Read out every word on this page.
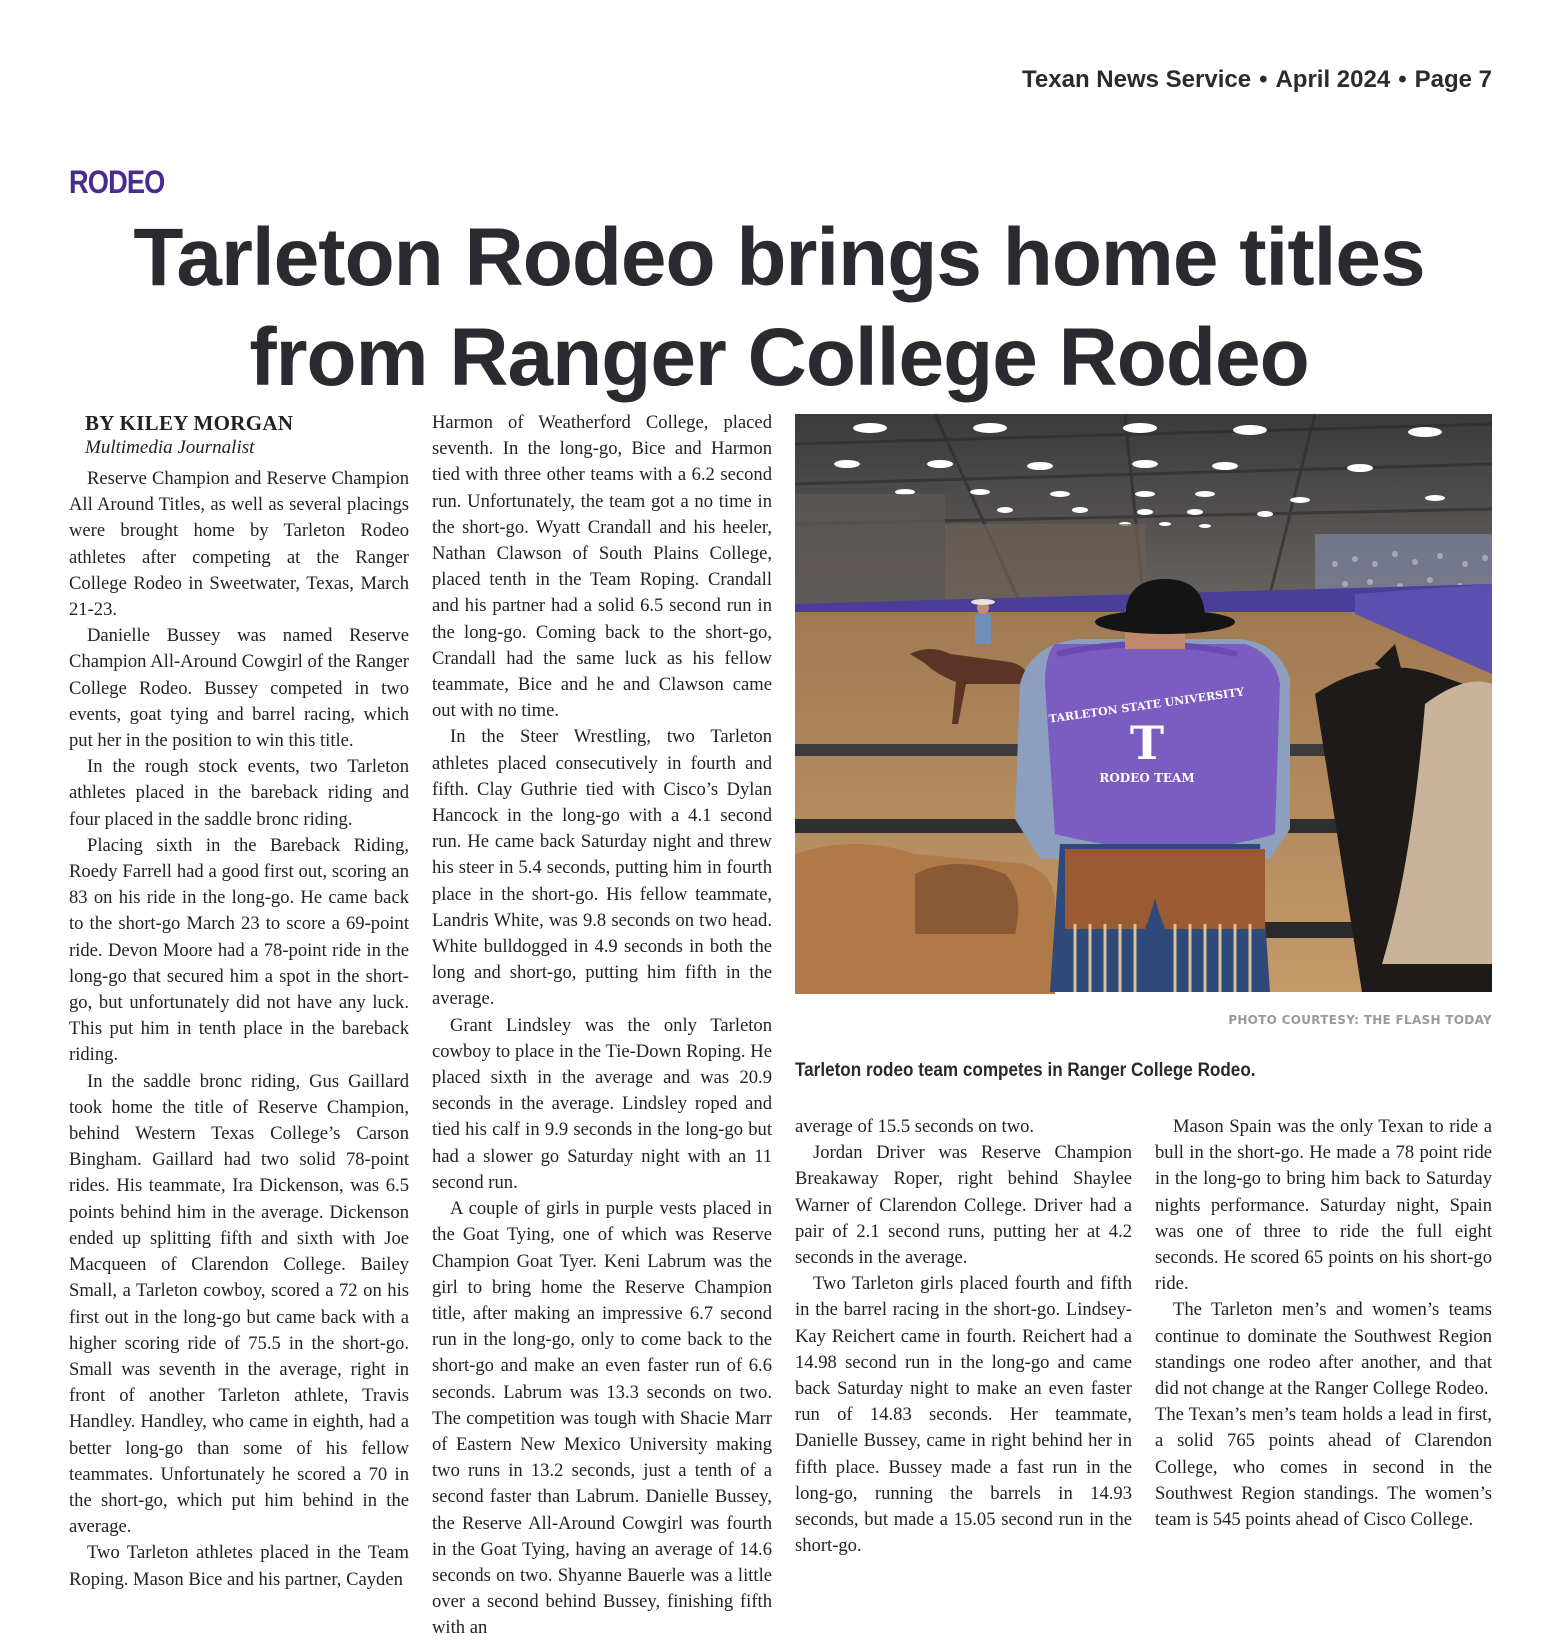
Texan News Service • April 2024 • Page 7
RODEO
Tarleton Rodeo brings home titles
from Ranger College Rodeo
BY KILEY MORGAN
Multimedia Journalist

Reserve Champion and Reserve Champion All Around Titles, as well as several placings were brought home by Tarleton Rodeo athletes after competing at the Ranger College Rodeo in Sweetwater, Texas, March 21-23.

Danielle Bussey was named Reserve Champion All-Around Cowgirl of the Ranger College Rodeo. Bussey competed in two events, goat tying and barrel racing, which put her in the position to win this title.

In the rough stock events, two Tarleton athletes placed in the bareback riding and four placed in the saddle bronc riding.

Placing sixth in the Bareback Riding, Roedy Farrell had a good first out, scoring an 83 on his ride in the long-go. He came back to the short-go March 23 to score a 69-point ride. Devon Moore had a 78-point ride in the long-go that secured him a spot in the short-go, but unfortunately did not have any luck. This put him in tenth place in the bareback riding.

In the saddle bronc riding, Gus Gaillard took home the title of Reserve Champion, behind Western Texas College’s Carson Bingham. Gaillard had two solid 78-point rides. His teammate, Ira Dickenson, was 6.5 points behind him in the average. Dickenson ended up splitting fifth and sixth with Joe Macqueen of Clarendon College. Bailey Small, a Tarleton cowboy, scored a 72 on his first out in the long-go but came back with a higher scoring ride of 75.5 in the short-go. Small was seventh in the average, right in front of another Tarleton athlete, Travis Handley. Handley, who came in eighth, had a better long-go than some of his fellow teammates. Unfortunately he scored a 70 in the short-go, which put him behind in the average.

Two Tarleton athletes placed in the Team Roping. Mason Bice and his partner, Cayden

Harmon of Weatherford College, placed seventh. In the long-go, Bice and Harmon tied with three other teams with a 6.2 second run. Unfortunately, the team got a no time in the short-go. Wyatt Crandall and his heeler, Nathan Clawson of South Plains College, placed tenth in the Team Roping. Crandall and his partner had a solid 6.5 second run in the long-go. Coming back to the short-go, Crandall had the same luck as his fellow teammate, Bice and he and Clawson came out with no time.

In the Steer Wrestling, two Tarleton athletes placed consecutively in fourth and fifth. Clay Guthrie tied with Cisco’s Dylan Hancock in the long-go with a 4.1 second run. He came back Saturday night and threw his steer in 5.4 seconds, putting him in fourth place in the short-go. His fellow teammate, Landris White, was 9.8 seconds on two head. White bulldogged in 4.9 seconds in both the long and short-go, putting him fifth in the average.

Grant Lindsley was the only Tarleton cowboy to place in the Tie-Down Roping. He placed sixth in the average and was 20.9 seconds in the average. Lindsley roped and tied his calf in 9.9 seconds in the long-go but had a slower go Saturday night with an 11 second run.

A couple of girls in purple vests placed in the Goat Tying, one of which was Reserve Champion Goat Tyer. Keni Labrum was the girl to bring home the Reserve Champion title, after making an impressive 6.7 second run in the long-go, only to come back to the short-go and make an even faster run of 6.6 seconds. Labrum was 13.3 seconds on two. The competition was tough with Shacie Marr of Eastern New Mexico University making two runs in 13.2 seconds, just a tenth of a second faster than Labrum. Danielle Bussey, the Reserve All-Around Cowgirl was fourth in the Goat Tying, having an average of 14.6 seconds on two. Shyanne Bauerle was a little over a second behind Bussey, finishing fifth with an

TARLETON STATE UNIVERSITY
T
RODEO TEAM
PHOTO COURTESY: THE FLASH TODAY
Tarleton rodeo team competes in Ranger College Rodeo.

average of 15.5 seconds on two.

Jordan Driver was Reserve Champion Breakaway Roper, right behind Shaylee Warner of Clarendon College. Driver had a pair of 2.1 second runs, putting her at 4.2 seconds in the average.

Two Tarleton girls placed fourth and fifth in the barrel racing in the short-go. Lindsey-Kay Reichert came in fourth. Reichert had a 14.98 second run in the long-go and came back Saturday night to make an even faster run of 14.83 seconds. Her teammate, Danielle Bussey, came in right behind her in fifth place. Bussey made a fast run in the long-go, running the barrels in 14.93 seconds, but made a 15.05 second run in the short-go.

Mason Spain was the only Texan to ride a bull in the short-go. He made a 78 point ride in the long-go to bring him back to Saturday nights performance. Saturday night, Spain was one of three to ride the full eight seconds. He scored 65 points on his short-go ride.

The Tarleton men’s and women’s teams continue to dominate the Southwest Region standings one rodeo after another, and that did not change at the Ranger College Rodeo.

The Texan’s men’s team holds a lead in first, a solid 765 points ahead of Clarendon College, who comes in second in the Southwest Region standings. The women’s team is 545 points ahead of Cisco College.
